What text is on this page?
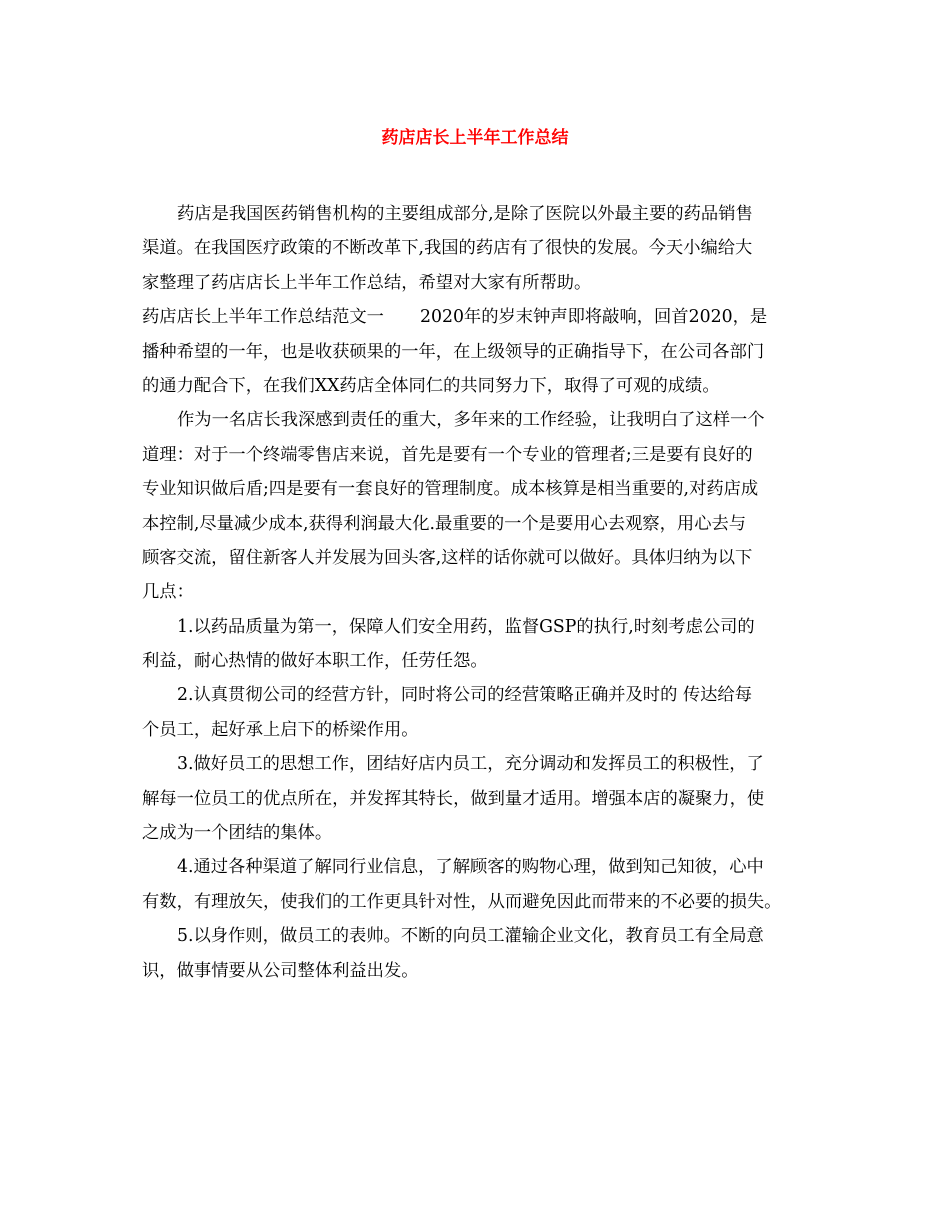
药店店长上半年工作总结
药店是我国医药销售机构的主要组成部分,是除了医院以外最主要的药品销售
渠道。在我国医疗政策的不断改革下,我国的药店有了很快的发展。今天小编给大
家整理了药店店长上半年工作总结，希望对大家有所帮助。
药店店长上半年工作总结范文一 2020年的岁末钟声即将敲响，回首2020，是
播种希望的一年，也是收获硕果的一年，在上级领导的正确指导下，在公司各部门
的通力配合下，在我们XX药店全体同仁的共同努力下，取得了可观的成绩。
作为一名店长我深感到责任的重大，多年来的工作经验，让我明白了这样一个
道理：对于一个终端零售店来说，首先是要有一个专业的管理者;三是要有良好的
专业知识做后盾;四是要有一套良好的管理制度。成本核算是相当重要的,对药店成
本控制,尽量减少成本,获得利润最大化.最重要的一个是要用心去观察，用心去与
顾客交流，留住新客人并发展为回头客,这样的话你就可以做好。具体归纳为以下
几点：
1.以药品质量为第一，保障人们安全用药，监督GSP的执行,时刻考虑公司的
利益，耐心热情的做好本职工作，任劳任怨。
2.认真贯彻公司的经营方针，同时将公司的经营策略正确并及时的 传达给每
个员工，起好承上启下的桥梁作用。
3.做好员工的思想工作，团结好店内员工，充分调动和发挥员工的积极性，了
解每一位员工的优点所在，并发挥其特长，做到量才适用。增强本店的凝聚力，使
之成为一个团结的集体。
4.通过各种渠道了解同行业信息，了解顾客的购物心理，做到知己知彼，心中
有数，有理放矢，使我们的工作更具针对性，从而避免因此而带来的不必要的损失。
5.以身作则，做员工的表帅。不断的向员工灌输企业文化，教育员工有全局意
识，做事情要从公司整体利益出发。
